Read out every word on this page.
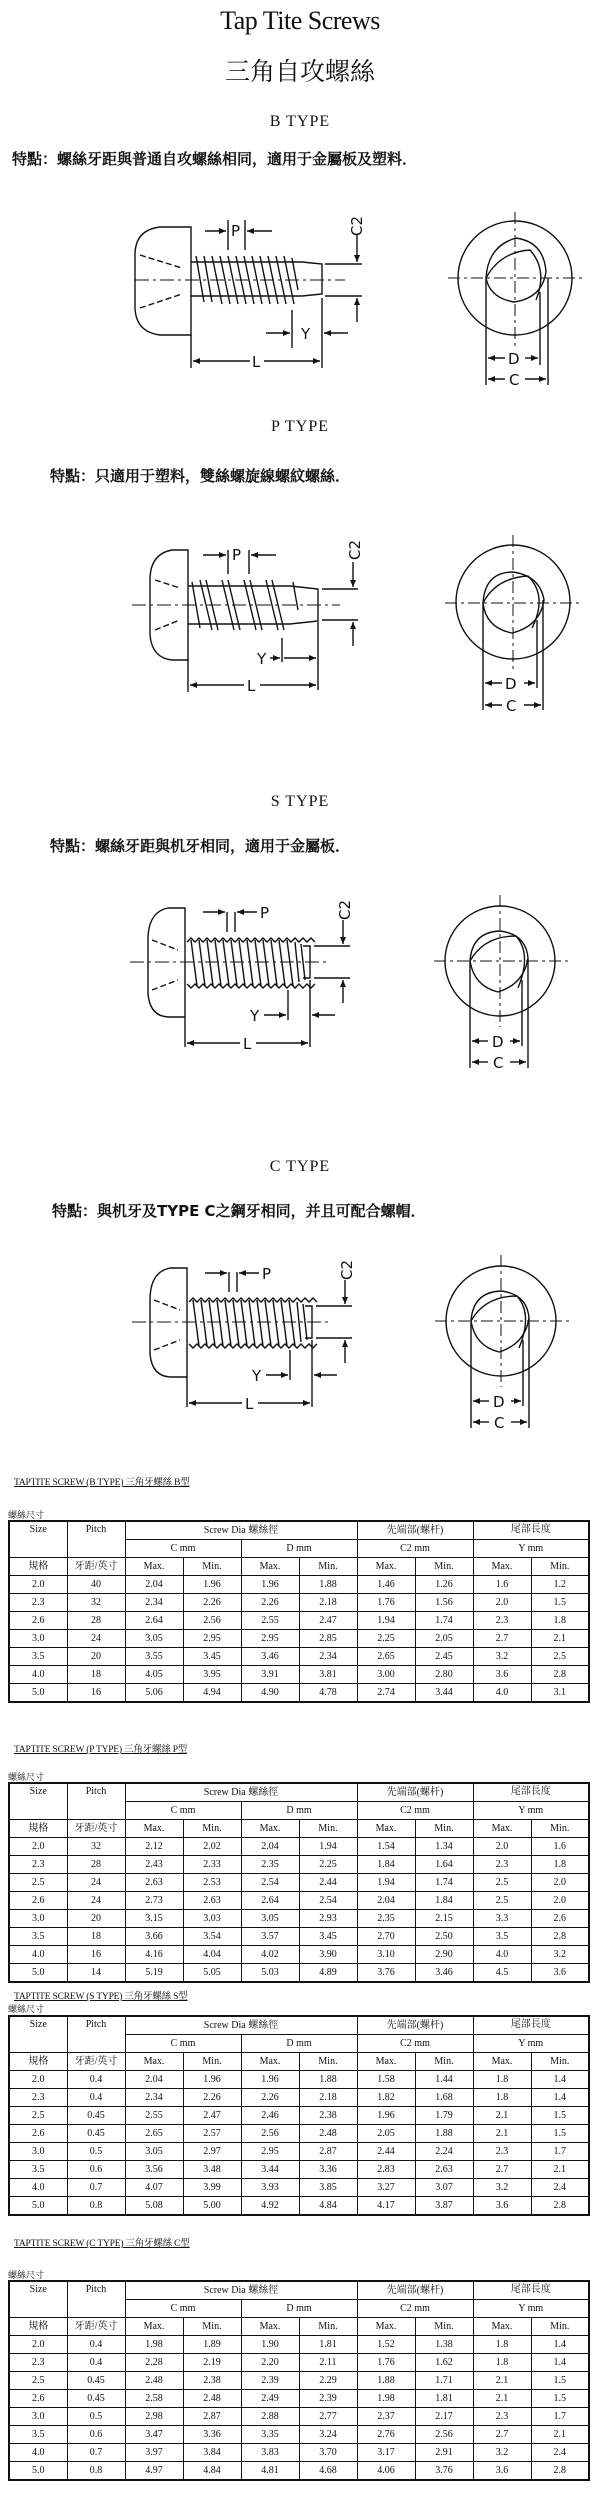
Tap Tite Screws
三角自攻螺絲
B TYPE
特點：螺絲牙距與普通自攻螺絲相同，適用于金屬板及塑料．
P	C2
Y
L	D
C
P TYPE
特點：只適用于塑料，雙絲螺旋線螺紋螺絲．
P	C2
Y
L	D
C
S TYPE
特點：螺絲牙距與机牙相同，適用于金屬板．
P	C2
Y
L	D
C
C TYPE
特點：與机牙及TYPE C之鋼牙相同，并且可配合螺帽．
P	C2
Y
L	D
C
TAPTITE SCREW (B TYPE) 三角牙螺絲 B型
螺絲尺寸
Size	Pitch	Screw Dia 螺絲徑				先端部(螺杆)		尾部長度	
		C mm		D mm		C2 mm		Y mm	
規格	牙距/英寸	Max.	Min.	Max.	Min.	Max.	Min.	Max.	Min.
2.0	40	2.04	1.96	1.96	1.88	1.46	1.26	1.6	1.2
2.3	32	2.34	2.26	2.26	2.18	1.76	1.56	2.0	1.5
2.6	28	2.64	2.56	2.55	2.47	1.94	1.74	2.3	1.8
3.0	24	3.05	2.95	2.95	2.85	2.25	2.05	2.7	2.1
3.5	20	3.55	3.45	3.46	2.34	2.65	2.45	3.2	2.5
4.0	18	4.05	3.95	3.91	3.81	3.00	2.80	3.6	2.8
5.0	16	5.06	4.94	4.90	4.78	2.74	3.44	4.0	3.1
TAPTITE SCREW (P TYPE) 三角牙螺絲 P型
螺絲尺寸
Size	Pitch	Screw Dia 螺絲徑				先端部(螺杆)		尾部長度	
		C mm		D mm		C2 mm		Y mm	
規格	牙距/英寸	Max.	Min.	Max.	Min.	Max.	Min.	Max.	Min.
2.0	32	2.12	2.02	2.04	1.94	1.54	1.34	2.0	1.6
2.3	28	2.43	2.33	2.35	2.25	1.84	1.64	2.3	1.8
2.5	24	2.63	2.53	2.54	2.44	1.94	1.74	2.5	2.0
2.6	24	2.73	2.63	2.64	2.54	2.04	1.84	2.5	2.0
3.0	20	3.15	3.03	3.05	2.93	2.35	2.15	3.3	2.6
3.5	18	3.66	3.54	3.57	3.45	2.70	2.50	3.5	2.8
4.0	16	4.16	4.04	4.02	3.90	3.10	2.90	4.0	3.2
5.0	14	5.19	5.05	5.03	4.89	3.76	3.46	4.5	3.6
TAPTITE SCREW (S TYPE) 三角牙螺絲 S型
螺絲尺寸
Size	Pitch	Screw Dia 螺絲徑				先端部(螺杆)		尾部長度	
		C mm		D mm		C2 mm		Y mm	
規格	牙距/英寸	Max.	Min.	Max.	Min.	Max.	Min.	Max.	Min.
2.0	0.4	2.04	1.96	1.96	1.88	1.58	1.44	1.8	1.4
2.3	0.4	2.34	2.26	2.26	2.18	1.82	1.68	1.8	1.4
2.5	0.45	2.55	2.47	2.46	2.38	1.96	1.79	2.1	1.5
2.6	0.45	2.65	2.57	2.56	2.48	2.05	1.88	2.1	1.5
3.0	0.5	3.05	2.97	2.95	2.87	2.44	2.24	2.3	1.7
3.5	0.6	3.56	3.48	3.44	3.36	2.83	2.63	2.7	2.1
4.0	0.7	4.07	3.99	3.93	3.85	3.27	3.07	3.2	2.4
5.0	0.8	5.08	5.00	4.92	4.84	4.17	3.87	3.6	2.8
TAPTITE SCREW (C TYPE) 三角牙螺絲 C型
螺絲尺寸
Size	Pitch	Screw Dia 螺絲徑				先端部(螺杆)		尾部長度	
		C mm		D mm		C2 mm		Y mm	
規格	牙距/英寸	Max.	Min.	Max.	Min.	Max.	Min.	Max.	Min.
2.0	0.4	1.98	1.89	1.90	1.81	1.52	1.38	1.8	1.4
2.3	0.4	2.28	2.19	2.20	2.11	1.76	1.62	1.8	1.4
2.5	0.45	2.48	2.38	2.39	2.29	1.88	1.71	2.1	1.5
2.6	0.45	2.58	2.48	2.49	2.39	1.98	1.81	2.1	1.5
3.0	0.5	2.98	2.87	2.88	2.77	2.37	2.17	2.3	1.7
3.5	0.6	3.47	3.36	3.35	3.24	2.76	2.56	2.7	2.1
4.0	0.7	3.97	3.84	3.83	3.70	3.17	2.91	3.2	2.4
5.0	0.8	4.97	4.84	4.81	4.68	4.06	3.76	3.6	2.8
